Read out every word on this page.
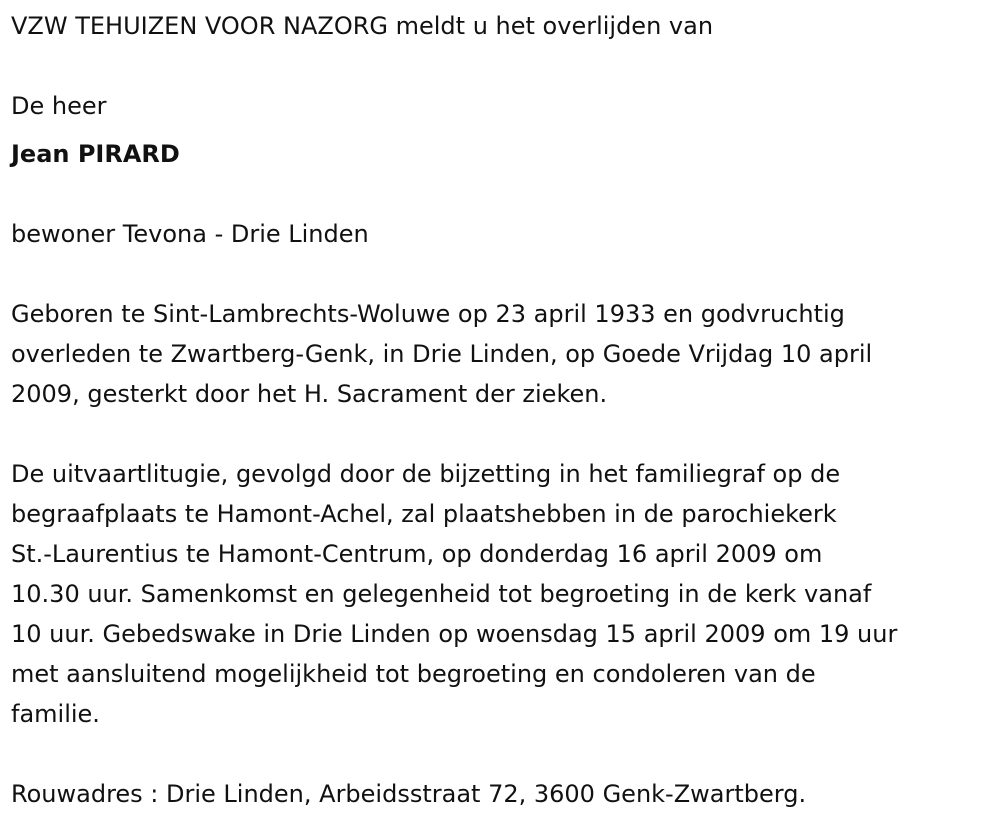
VZW TEHUIZEN VOOR NAZORG meldt u het overlijden van
De heer
Jean PIRARD
bewoner Tevona - Drie Linden

Geboren te Sint-Lambrechts-Woluwe op 23 april 1933 en godvruchtig
overleden te Zwartberg-Genk, in Drie Linden, op Goede Vrijdag 10 april
2009, gesterkt door het H. Sacrament der zieken.

De uitvaartlitugie, gevolgd door de bijzetting in het familiegraf op de
begraafplaats te Hamont-Achel, zal plaatshebben in de parochiekerk
St.-Laurentius te Hamont-Centrum, op donderdag 16 april 2009 om
10.30 uur. Samenkomst en gelegenheid tot begroeting in de kerk vanaf
10 uur. Gebedswake in Drie Linden op woensdag 15 april 2009 om 19 uur
met aansluitend mogelijkheid tot begroeting en condoleren van de
familie.

Rouwadres : Drie Linden, Arbeidsstraat 72, 3600 Genk-Zwartberg.
